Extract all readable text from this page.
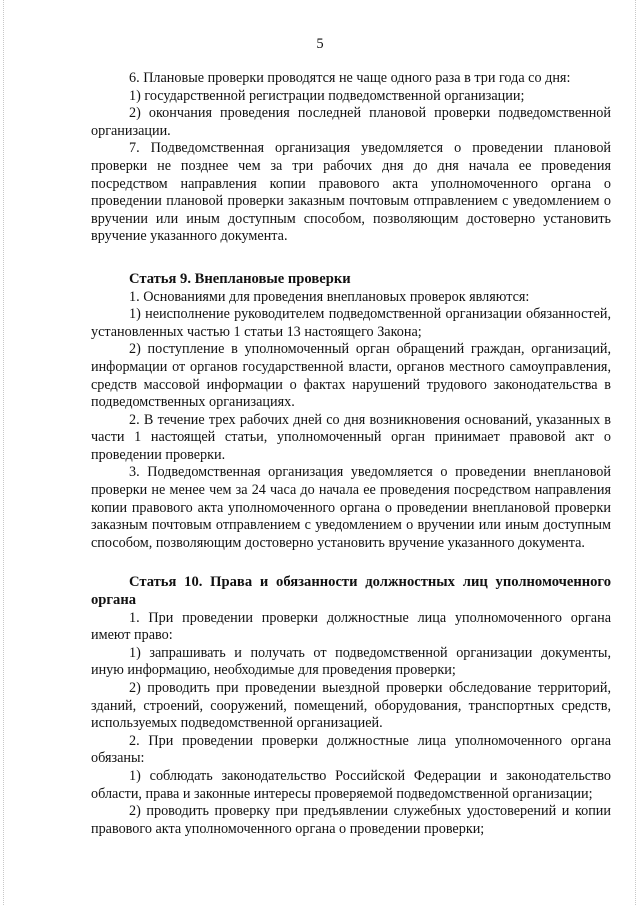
5

6. Плановые проверки проводятся не чаще одного раза в три года со дня:

1) государственной регистрации подведомственной организации;

2) окончания проведения последней плановой проверки подведомственной организации.

7. Подведомственная организация уведомляется о проведении плановой проверки не позднее чем за три рабочих дня до дня начала ее проведения посредством направления копии правового акта уполномоченного органа о проведении плановой проверки заказным почтовым отправлением с уведомлением о вручении или иным доступным способом, позволяющим достоверно установить вручение указанного документа.

Статья 9. Внеплановые проверки

1. Основаниями для проведения внеплановых проверок являются:

1) неисполнение руководителем подведомственной организации обязанностей, установленных частью 1 статьи 13 настоящего Закона;

2) поступление в уполномоченный орган обращений граждан, организаций, информации от органов государственной власти, органов местного самоуправления, средств массовой информации о фактах нарушений трудового законодательства в подведомственных организациях.

2. В течение трех рабочих дней со дня возникновения оснований, указанных в части 1 настоящей статьи, уполномоченный орган принимает правовой акт о проведении проверки.

3. Подведомственная организация уведомляется о проведении внеплановой проверки не менее чем за 24 часа до начала ее проведения посредством направления копии правового акта уполномоченного органа о проведении внеплановой проверки заказным почтовым отправлением с уведомлением о вручении или иным доступным способом, позволяющим достоверно установить вручение указанного документа.

Статья 10. Права и обязанности должностных лиц уполномоченного органа

1. При проведении проверки должностные лица уполномоченного органа имеют право:

1) запрашивать и получать от подведомственной организации документы, иную информацию, необходимые для проведения проверки;

2) проводить при проведении выездной проверки обследование территорий, зданий, строений, сооружений, помещений, оборудования, транспортных средств, используемых подведомственной организацией.

2. При проведении проверки должностные лица уполномоченного органа обязаны:

1) соблюдать законодательство Российской Федерации и законодательство области, права и законные интересы проверяемой подведомственной организации;

2) проводить проверку при предъявлении служебных удостоверений и копии правового акта уполномоченного органа о проведении проверки;
